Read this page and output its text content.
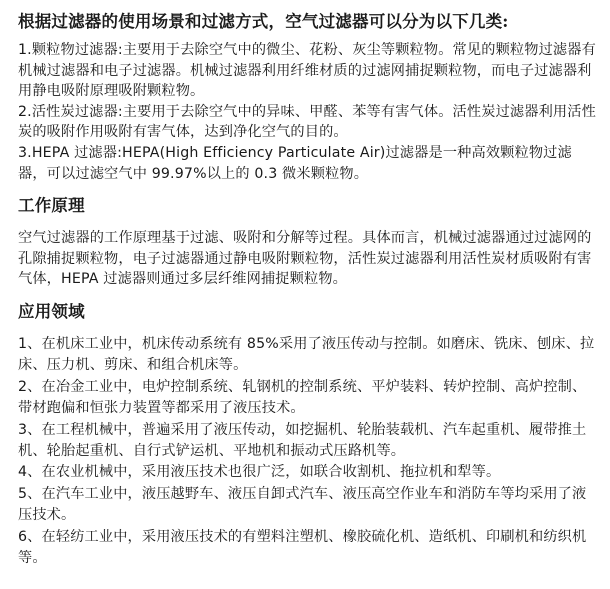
根据过滤器的使用场景和过滤方式，空气过滤器可以分为以下几类:

1.颗粒物过滤器:主要用于去除空气中的微尘、花粉、灰尘等颗粒物。常见的颗粒物过滤器有机械过滤器和电子过滤器。机械过滤器利用纤维材质的过滤网捕捉颗粒物，而电子过滤器利用静电吸附原理吸附颗粒物。

2.活性炭过滤器:主要用于去除空气中的异味、甲醛、苯等有害气体。活性炭过滤器利用活性炭的吸附作用吸附有害气体，达到净化空气的目的。

3.HEPA 过滤器:HEPA(High Efficiency Particulate Air)过滤器是一种高效颗粒物过滤器，可以过滤空气中 99.97%以上的 0.3 微米颗粒物。

工作原理

空气过滤器的工作原理基于过滤、吸附和分解等过程。具体而言，机械过滤器通过过滤网的孔隙捕捉颗粒物，电子过滤器通过静电吸附颗粒物，活性炭过滤器利用活性炭材质吸附有害气体，HEPA 过滤器则通过多层纤维网捕捉颗粒物。

应用领域

1、在机床工业中，机床传动系统有 85%采用了液压传动与控制。如磨床、铣床、刨床、拉床、压力机、剪床、和组合机床等。

2、在冶金工业中，电炉控制系统、轧钢机的控制系统、平炉装料、转炉控制、高炉控制、带材跑偏和恒张力装置等都采用了液压技术。

3、在工程机械中，普遍采用了液压传动，如挖掘机、轮胎装载机、汽车起重机、履带推土机、轮胎起重机、自行式铲运机、平地机和振动式压路机等。

4、在农业机械中，采用液压技术也很广泛，如联合收割机、拖拉机和犁等。

5、在汽车工业中，液压越野车、液压自卸式汽车、液压高空作业车和消防车等均采用了液压技术。

6、在轻纺工业中，采用液压技术的有塑料注塑机、橡胶硫化机、造纸机、印刷机和纺织机等。
